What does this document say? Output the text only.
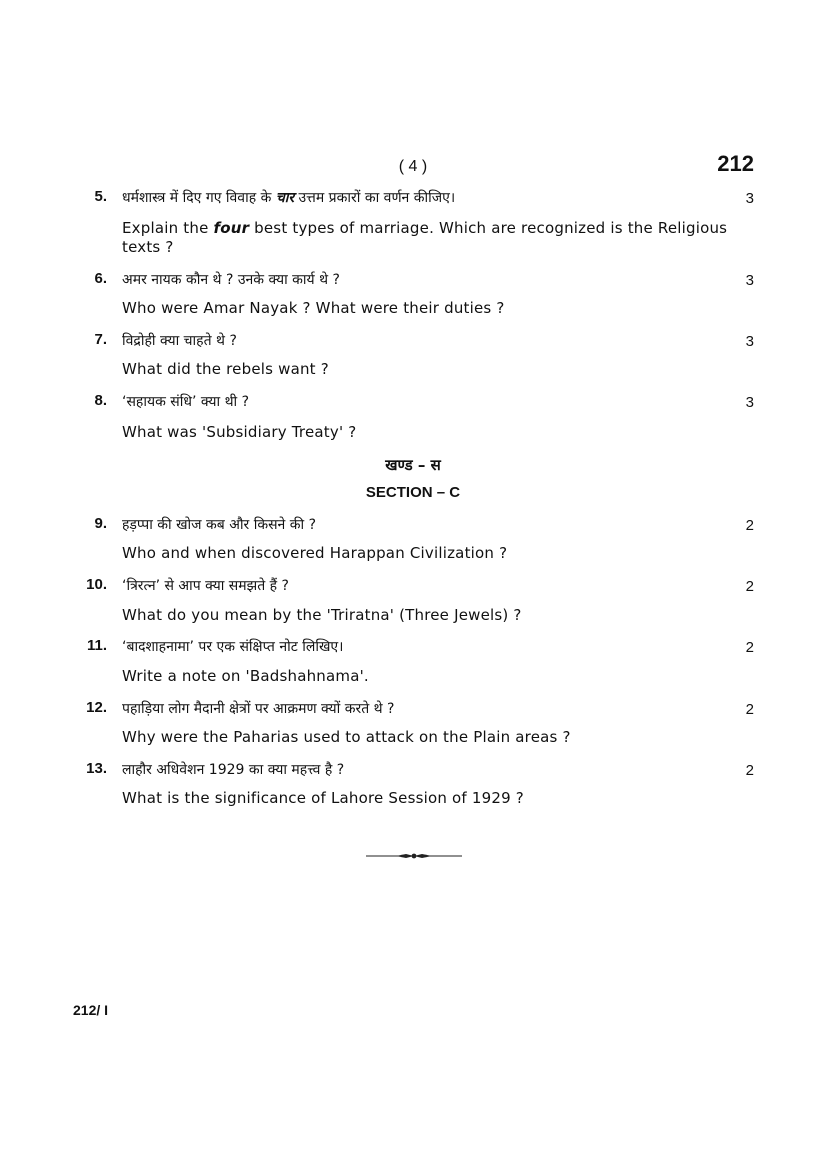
( 4 )	212
5. धर्मशास्त्र में दिए गए विवाह के चार उत्तम प्रकारों का वर्णन कीजिए।	3
Explain the four best types of marriage. Which are recognized is the Religious texts ?
6. अमर नायक कौन थे ? उनके क्या कार्य थे ?	3
Who were Amar Nayak ? What were their duties ?
7. विद्रोही क्या चाहते थे ?	3
What did the rebels want ?
8. ‘सहायक संधि’ क्या थी ?	3
What was 'Subsidiary Treaty' ?
खण्ड – स
SECTION – C
9. हड़प्पा की खोज कब और किसने की ?	2
Who and when discovered Harappan Civilization ?
10. ‘त्रिरत्न’ से आप क्या समझते हैं ?	2
What do you mean by the 'Triratna' (Three Jewels) ?
11. ‘बादशाहनामा’ पर एक संक्षिप्त नोट लिखिए।	2
Write a note on 'Badshahnama'.
12. पहाड़िया लोग मैदानी क्षेत्रों पर आक्रमण क्यों करते थे ?	2
Why were the Paharias used to attack on the Plain areas ?
13. लाहौर अधिवेशन 1929 का क्या महत्त्व है ?	2
What is the significance of Lahore Session of 1929 ?
212/ I
